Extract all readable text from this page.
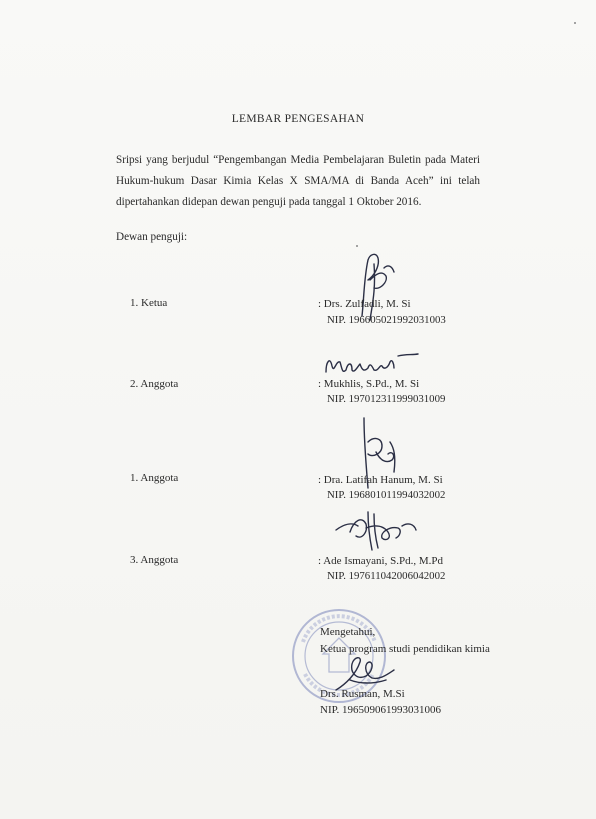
LEMBAR PENGESAHAN
Sripsi yang berjudul “Pengembangan Media Pembelajaran Buletin pada Materi
Hukum-hukum Dasar Kimia Kelas X SMA/MA di Banda Aceh” ini telah
dipertahankan didepan dewan penguji pada tanggal 1 Oktober 2016.
Dewan penguji:
1. Ketua	: Drs. Zulfadli, M. Si
NIP. 196605021992031003
2. Anggota	: Mukhlis, S.Pd., M. Si
NIP. 197012311999031009
1. Anggota	: Dra. Latifah Hanum, M. Si
NIP. 196801011994032002
3. Anggota	: Ade Ismayani, S.Pd., M.Pd
NIP. 197611042006042002
Mengetahui,
Ketua program studi pendidikan kimia
Drs. Rusman, M.Si
NIP. 196509061993031006
